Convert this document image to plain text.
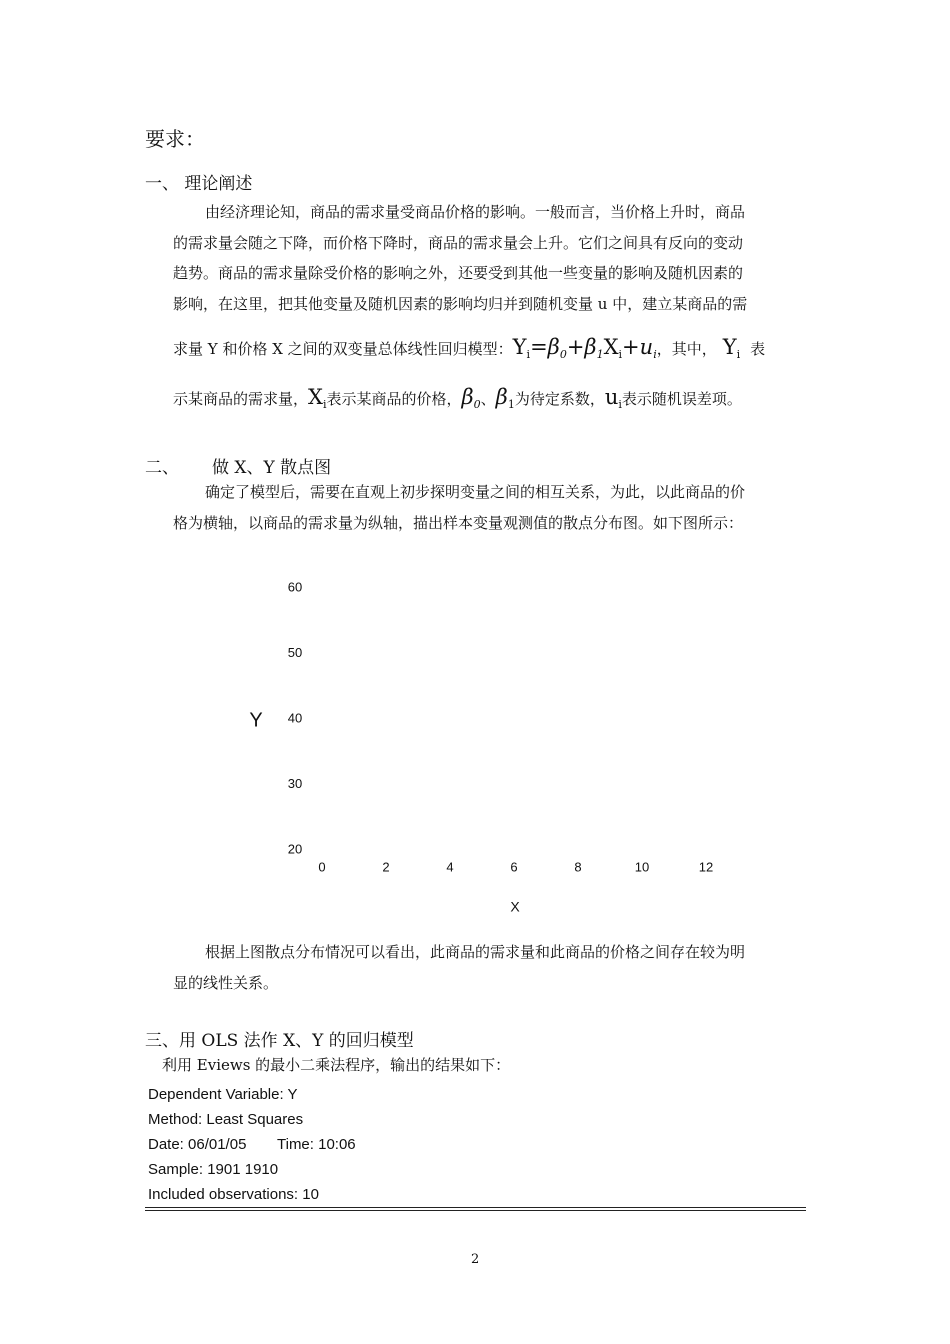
要求：
一、 理论阐述
由经济理论知，商品的需求量受商品价格的影响。一般而言，当价格上升时，商品
的需求量会随之下降，而价格下降时，商品的需求量会上升。它们之间具有反向的变动
趋势。商品的需求量除受价格的影响之外，还要受到其他一些变量的影响及随机因素的
影响，在这里，把其他变量及随机因素的影响均归并到随机变量 u 中，建立某商品的需
求量 Y 和价格 X 之间的双变量总体线性回归模型：$Y_i=\beta_0+\beta_1X_i+u_i$，其中， $Y_i$ 表
示某商品的需求量，$X_i$表示某商品的价格，$\beta_0$、$\beta_1$为待定系数，$u_i$表示随机误差项。
二、 做 X、Y 散点图
确定了模型后，需要在直观上初步探明变量之间的相互关系，为此，以此商品的价
格为横轴，以商品的需求量为纵轴，描出样本变量观测值的散点分布图。如下图所示：
0	2	4	6	8	10	12
60
50
40
30
20
X
Y
根据上图散点分布情况可以看出，此商品的需求量和此商品的价格之间存在较为明
显的线性关系。
三、用 OLS 法作 X、Y 的回归模型
利用 Eviews 的最小二乘法程序，输出的结果如下：
Dependent Variable: Y
Method: Least Squares
Date: 06/01/05 Time: 10:06
Sample: 1901 1910
Included observations: 10
2
